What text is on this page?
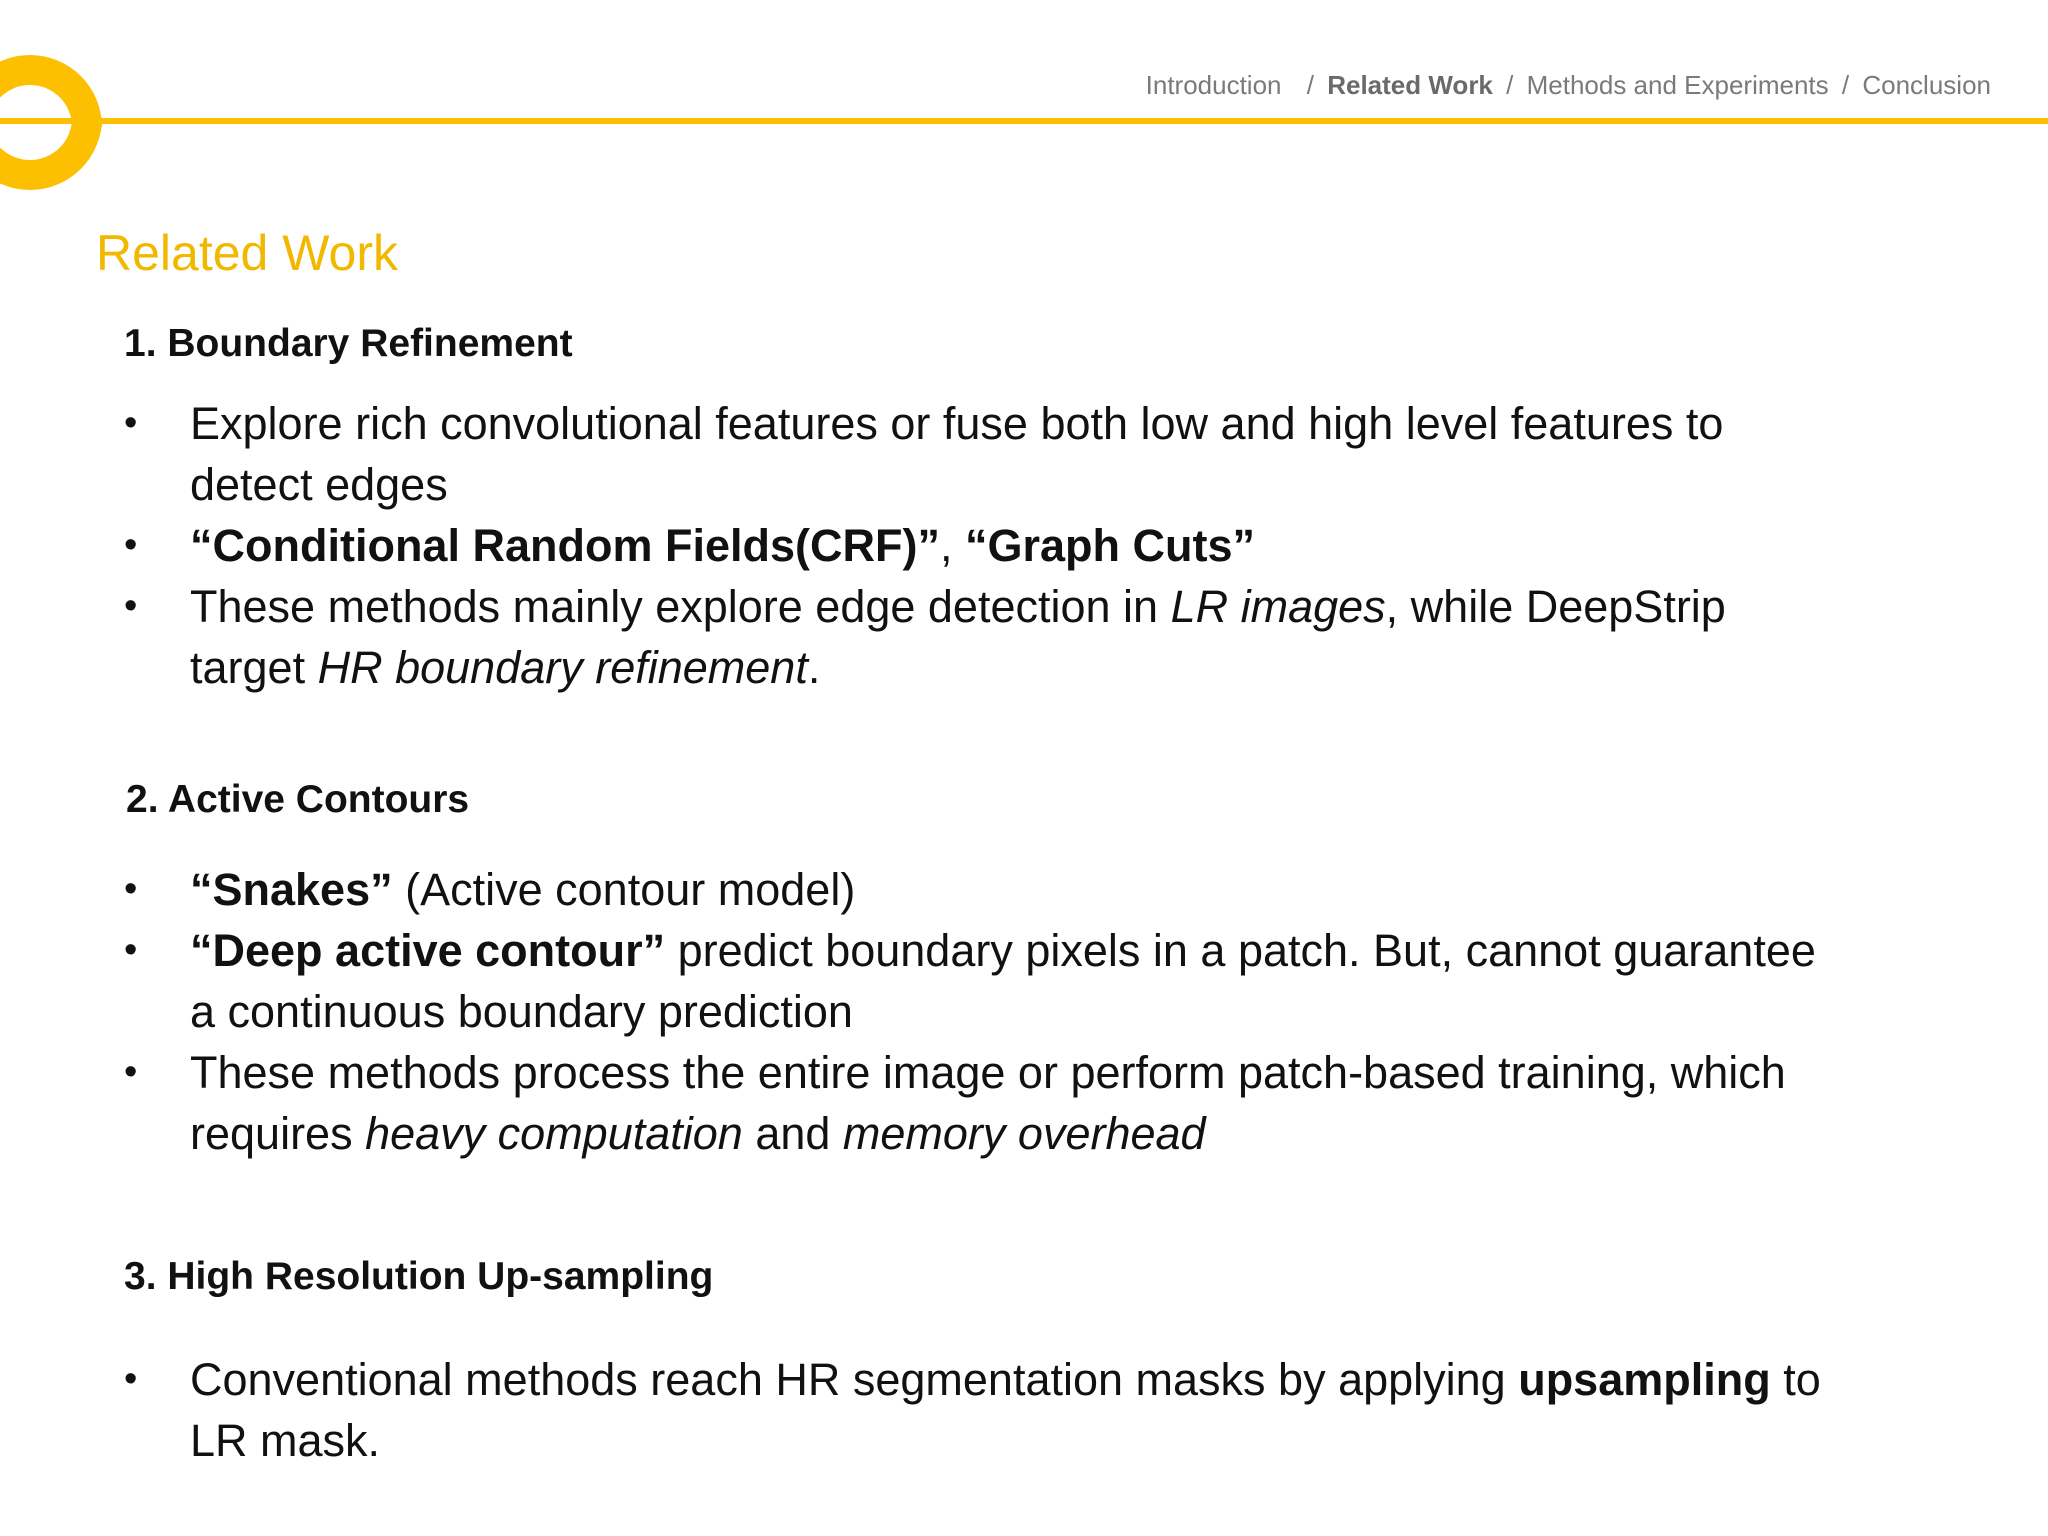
Introduction / Related Work / Methods and Experiments / Conclusion
Related Work
1. Boundary Refinement
• Explore rich convolutional features or fuse both low and high level features to detect edges
• “Conditional Random Fields(CRF)”, “Graph Cuts”
• These methods mainly explore edge detection in LR images, while DeepStrip target HR boundary refinement.
2. Active Contours
• “Snakes” (Active contour model)
• “Deep active contour” predict boundary pixels in a patch. But, cannot guarantee a continuous boundary prediction
• These methods process the entire image or perform patch-based training, which requires heavy computation and memory overhead
3. High Resolution Up-sampling
• Conventional methods reach HR segmentation masks by applying upsampling to LR mask.
